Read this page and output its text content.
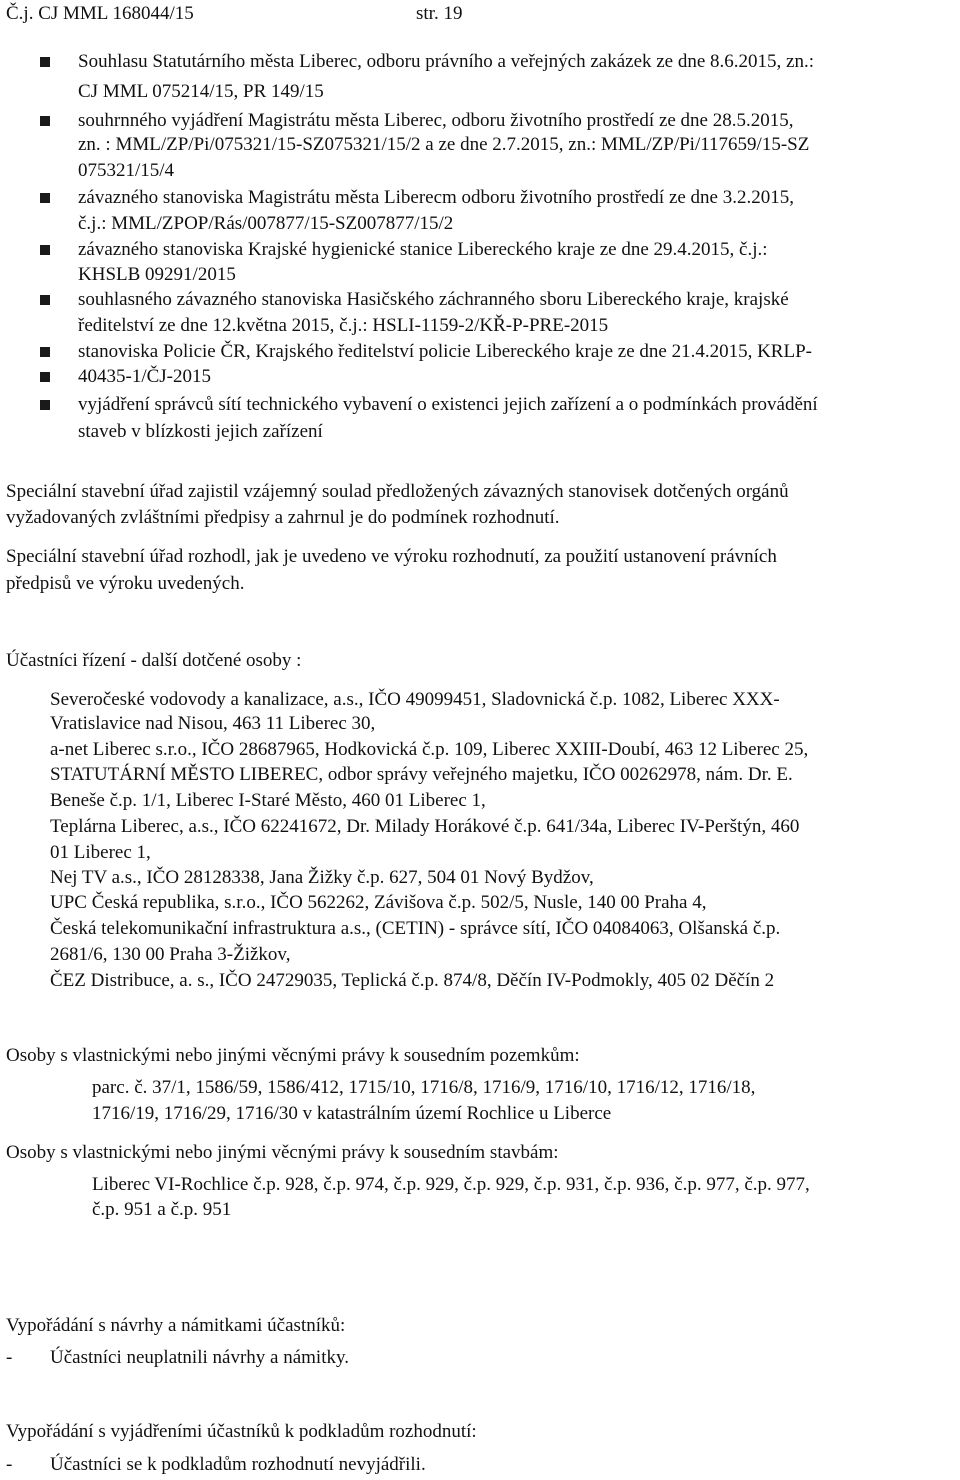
Č.j. CJ MML 168044/15	str. 19
Souhlasu Statutárního města Liberec, odboru právního a veřejných zakázek ze dne 8.6.2015, zn.:
CJ MML 075214/15, PR 149/15
souhrnného vyjádření Magistrátu města Liberec, odboru životního prostředí ze dne 28.5.2015,
zn. : MML/ZP/Pi/075321/15-SZ075321/15/2 a ze dne 2.7.2015, zn.: MML/ZP/Pi/117659/15-SZ
075321/15/4
závazného stanoviska Magistrátu města Liberecm odboru životního prostředí ze dne 3.2.2015,
č.j.: MML/ZPOP/Rás/007877/15-SZ007877/15/2
závazného stanoviska Krajské hygienické stanice Libereckého kraje ze dne 29.4.2015, č.j.:
KHSLB 09291/2015
souhlasného závazného stanoviska Hasičského záchranného sboru Libereckého kraje, krajské
ředitelství ze dne 12.května 2015, č.j.: HSLI-1159-2/KŘ-P-PRE-2015
stanoviska Policie ČR, Krajského ředitelství policie Libereckého kraje ze dne 21.4.2015, KRLP-
40435-1/ČJ-2015
vyjádření správců sítí technického vybavení o existenci jejich zařízení a o podmínkách provádění
staveb v blízkosti jejich zařízení
Speciální stavební úřad zajistil vzájemný soulad předložených závazných stanovisek dotčených orgánů
vyžadovaných zvláštními předpisy a zahrnul je do podmínek rozhodnutí.
Speciální stavební úřad rozhodl, jak je uvedeno ve výroku rozhodnutí, za použití ustanovení právních
předpisů ve výroku uvedených.
Účastníci řízení - další dotčené osoby :
Severočeské vodovody a kanalizace, a.s., IČO 49099451, Sladovnická č.p. 1082, Liberec XXX-
Vratislavice nad Nisou, 463 11 Liberec 30,
a-net Liberec s.r.o., IČO 28687965, Hodkovická č.p. 109, Liberec XXIII-Doubí, 463 12 Liberec 25,
STATUTÁRNÍ MĚSTO LIBEREC, odbor správy veřejného majetku, IČO 00262978, nám. Dr. E.
Beneše č.p. 1/1, Liberec I-Staré Město, 460 01 Liberec 1,
Teplárna Liberec, a.s., IČO 62241672, Dr. Milady Horákové č.p. 641/34a, Liberec IV-Perštýn, 460
01 Liberec 1,
Nej TV a.s., IČO 28128338, Jana Žižky č.p. 627, 504 01 Nový Bydžov,
UPC Česká republika, s.r.o., IČO 562262, Závišova č.p. 502/5, Nusle, 140 00 Praha 4,
Česká telekomunikační infrastruktura a.s., (CETIN) - správce sítí, IČO 04084063, Olšanská č.p.
2681/6, 130 00 Praha 3-Žižkov,
ČEZ Distribuce, a. s., IČO 24729035, Teplická č.p. 874/8, Děčín IV-Podmokly, 405 02 Děčín 2
Osoby s vlastnickými nebo jinými věcnými právy k sousedním pozemkům:
parc. č. 37/1, 1586/59, 1586/412, 1715/10, 1716/8, 1716/9, 1716/10, 1716/12, 1716/18,
1716/19, 1716/29, 1716/30 v katastrálním území Rochlice u Liberce
Osoby s vlastnickými nebo jinými věcnými právy k sousedním stavbám:
Liberec VI-Rochlice č.p. 928, č.p. 974, č.p. 929, č.p. 929, č.p. 931, č.p. 936, č.p. 977, č.p. 977,
č.p. 951 a č.p. 951
Vypořádání s návrhy a námitkami účastníků:
- Účastníci neuplatnili návrhy a námitky.
Vypořádání s vyjádřeními účastníků k podkladům rozhodnutí:
- Účastníci se k podkladům rozhodnutí nevyjádřili.
